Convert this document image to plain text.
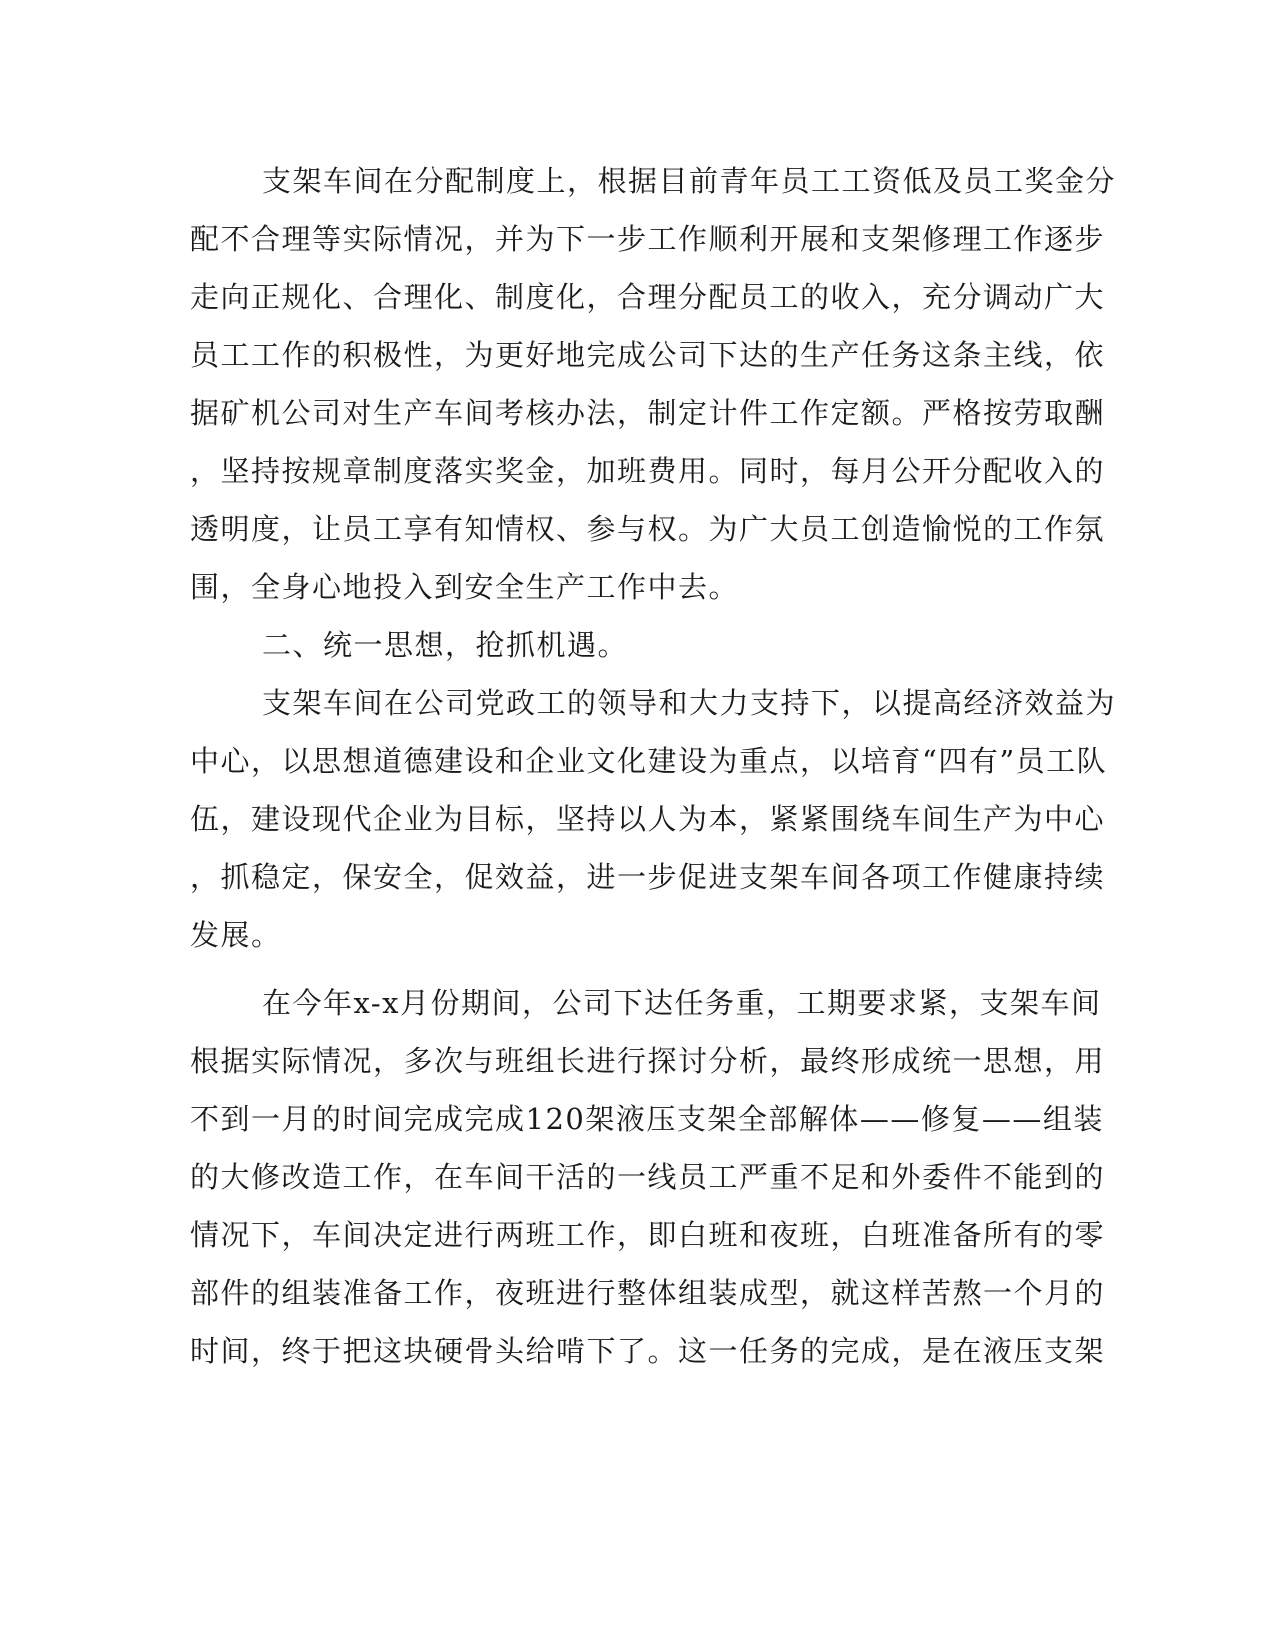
支架车间在分配制度上，根据目前青年员工工资低及员工奖金分
配不合理等实际情况，并为下一步工作顺利开展和支架修理工作逐步
走向正规化、合理化、制度化，合理分配员工的收入，充分调动广大
员工工作的积极性，为更好地完成公司下达的生产任务这条主线，依
据矿机公司对生产车间考核办法，制定计件工作定额。严格按劳取酬
，坚持按规章制度落实奖金，加班费用。同时，每月公开分配收入的
透明度，让员工享有知情权、参与权。为广大员工创造愉悦的工作氛
围，全身心地投入到安全生产工作中去。
二、统一思想，抢抓机遇。
支架车间在公司党政工的领导和大力支持下，以提高经济效益为
中心，以思想道德建设和企业文化建设为重点，以培育“四有”员工队
伍，建设现代企业为目标，坚持以人为本，紧紧围绕车间生产为中心
，抓稳定，保安全，促效益，进一步促进支架车间各项工作健康持续
发展。
在今年x-x月份期间，公司下达任务重，工期要求紧，支架车间
根据实际情况，多次与班组长进行探讨分析，最终形成统一思想，用
不到一月的时间完成完成120架液压支架全部解体——修复——组装
的大修改造工作，在车间干活的一线员工严重不足和外委件不能到的
情况下，车间决定进行两班工作，即白班和夜班，白班准备所有的零
部件的组装准备工作，夜班进行整体组装成型，就这样苦熬一个月的
时间，终于把这块硬骨头给啃下了。这一任务的完成，是在液压支架
